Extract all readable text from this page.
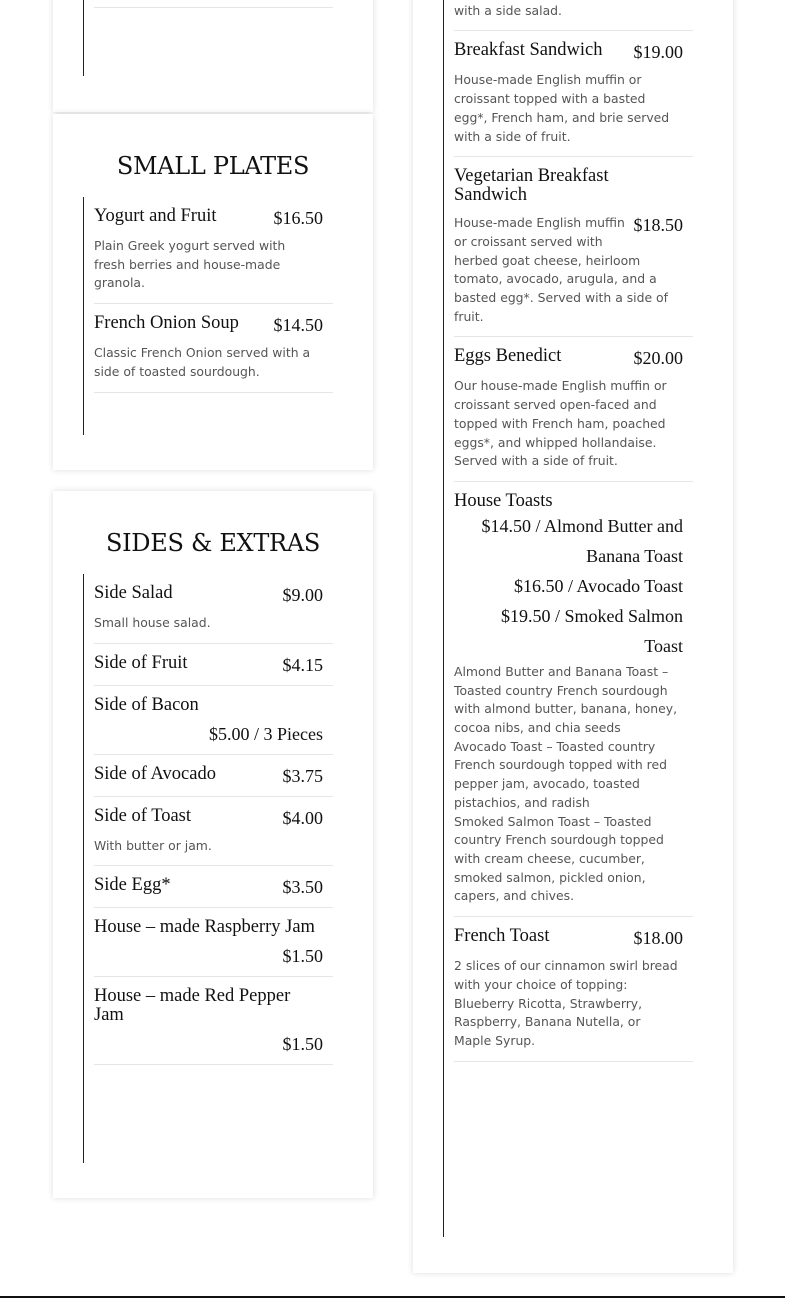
SMALL PLATES
Yogurt and Fruit	$16.50
Plain Greek yogurt served with fresh berries and house-made granola.
French Onion Soup $14.50
Classic French Onion served with a side of toasted sourdough.
SIDES & EXTRAS
Side Salad	$9.00
Small house salad.
Side of Fruit	$4.15
Side of Bacon
$5.00 / 3 Pieces
Side of Avocado	$3.75
Side of Toast	$4.00
With butter or jam.
Side Egg*	$3.50
House – made Raspberry Jam
$1.50
House – made Red Pepper Jam
$1.50
with a side salad.
Breakfast Sandwich $19.00
House-made English muffin or croissant topped with a basted egg*, French ham, and brie served with a side of fruit.
Vegetarian Breakfast Sandwich
$18.50
House-made English muffin or croissant served with herbed goat cheese, heirloom tomato, avocado, arugula, and a basted egg*. Served with a side of fruit.
Eggs Benedict	$20.00
Our house-made English muffin or croissant served open-faced and topped with French ham, poached eggs*, and whipped hollandaise. Served with a side of fruit.
House Toasts
$14.50 / Almond Butter and Banana Toast
$16.50 / Avocado Toast
$19.50 / Smoked Salmon Toast
Almond Butter and Banana Toast – Toasted country French sourdough with almond butter, banana, honey, cocoa nibs, and chia seeds
Avocado Toast – Toasted country French sourdough topped with red pepper jam, avocado, toasted pistachios, and radish
Smoked Salmon Toast – Toasted country French sourdough topped with cream cheese, cucumber, smoked salmon, pickled onion, capers, and chives.
French Toast	$18.00
2 slices of our cinnamon swirl bread with your choice of topping: Blueberry Ricotta, Strawberry, Raspberry, Banana Nutella, or Maple Syrup.
